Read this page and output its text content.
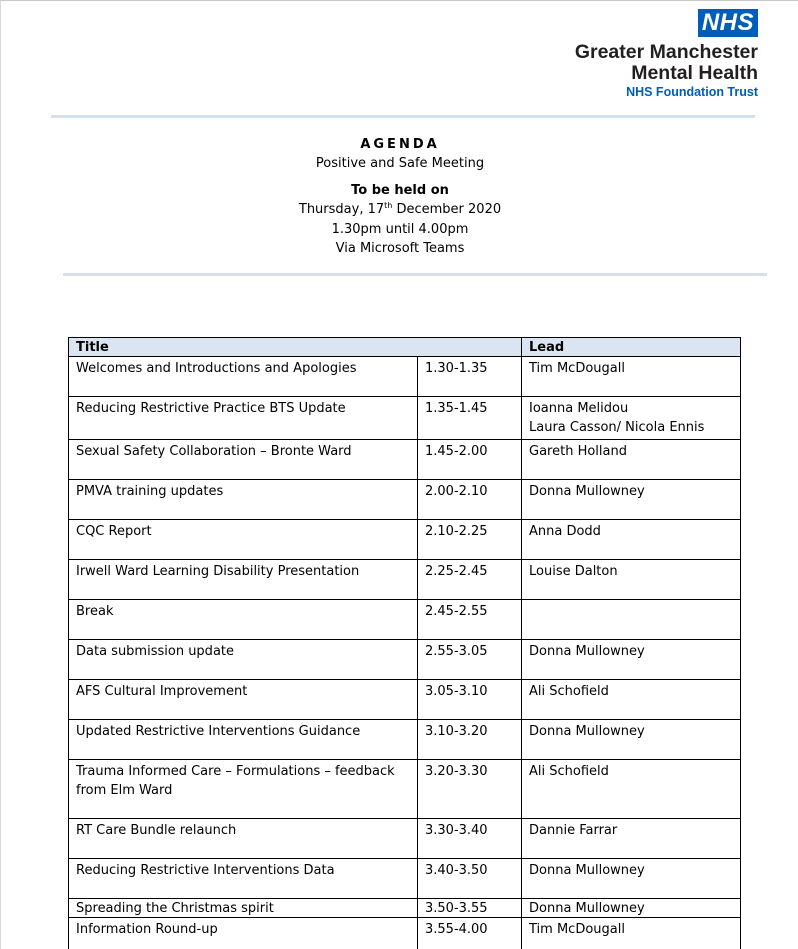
NHS
Greater Manchester
Mental Health
NHS Foundation Trust
AGENDA
Positive and Safe Meeting
To be held on
Thursday, 17th December 2020
1.30pm until 4.00pm
Via Microsoft Teams
Title		Lead
Welcomes and Introductions and Apologies	1.30-1.35	Tim McDougall

Reducing Restrictive Practice BTS Update	1.35-1.45	Ioanna Melidou
Laura Casson/ Nicola Ennis

Sexual Safety Collaboration – Bronte Ward	1.45-2.00	Gareth Holland

PMVA training updates	2.00-2.10	Donna Mullowney

CQC Report	2.10-2.25	Anna Dodd

Irwell Ward Learning Disability Presentation	2.25-2.45	Louise Dalton

Break	2.45-2.55	

Data submission update	2.55-3.05	Donna Mullowney

AFS Cultural Improvement	3.05-3.10	Ali Schofield

Updated Restrictive Interventions Guidance	3.10-3.20	Donna Mullowney

Trauma Informed Care – Formulations – feedback from Elm Ward	3.20-3.30	Ali Schofield

RT Care Bundle relaunch	3.30-3.40	Dannie Farrar

Reducing Restrictive Interventions Data	3.40-3.50	Donna Mullowney

Spreading the Christmas spirit	3.50-3.55	Donna Mullowney

Information Round-up	3.55-4.00	Tim McDougall
